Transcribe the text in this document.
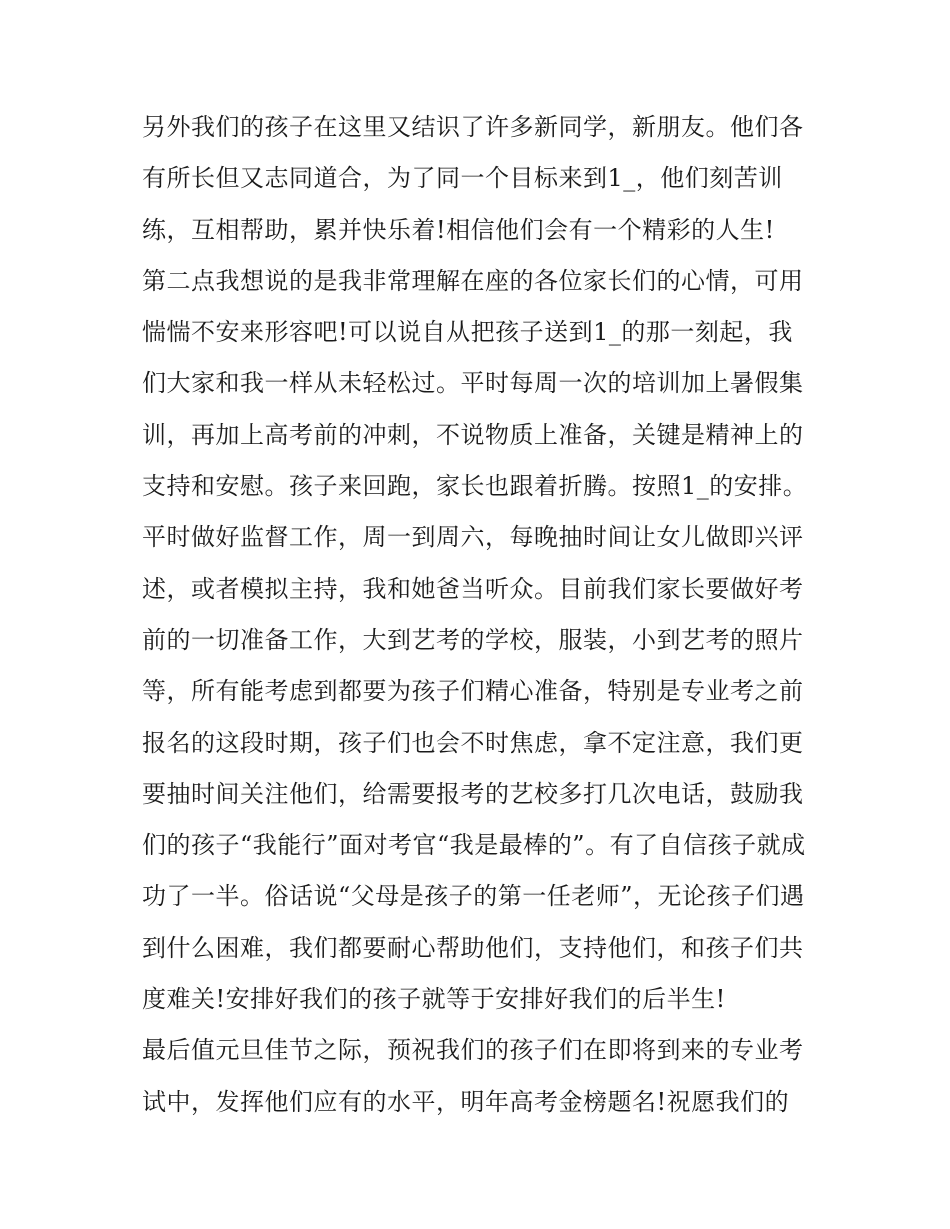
另外我们的孩子在这里又结识了许多新同学，新朋友。他们各
有所长但又志同道合，为了同一个目标来到1_，他们刻苦训
练，互相帮助，累并快乐着!相信他们会有一个精彩的人生!
第二点我想说的是我非常理解在座的各位家长们的心情，可用
惴惴不安来形容吧!可以说自从把孩子送到1_的那一刻起，我
们大家和我一样从未轻松过。平时每周一次的培训加上暑假集
训，再加上高考前的冲刺，不说物质上准备，关键是精神上的
支持和安慰。孩子来回跑，家长也跟着折腾。按照1_的安排。
平时做好监督工作，周一到周六，每晚抽时间让女儿做即兴评
述，或者模拟主持，我和她爸当听众。目前我们家长要做好考
前的一切准备工作，大到艺考的学校，服装，小到艺考的照片
等，所有能考虑到都要为孩子们精心准备，特别是专业考之前
报名的这段时期，孩子们也会不时焦虑，拿不定注意，我们更
要抽时间关注他们，给需要报考的艺校多打几次电话，鼓励我
们的孩子“我能行”面对考官“我是最棒的”。有了自信孩子就成
功了一半。俗话说“父母是孩子的第一任老师”，无论孩子们遇
到什么困难，我们都要耐心帮助他们，支持他们，和孩子们共
度难关!安排好我们的孩子就等于安排好我们的后半生!
最后值元旦佳节之际，预祝我们的孩子们在即将到来的专业考
试中，发挥他们应有的水平，明年高考金榜题名!祝愿我们的
